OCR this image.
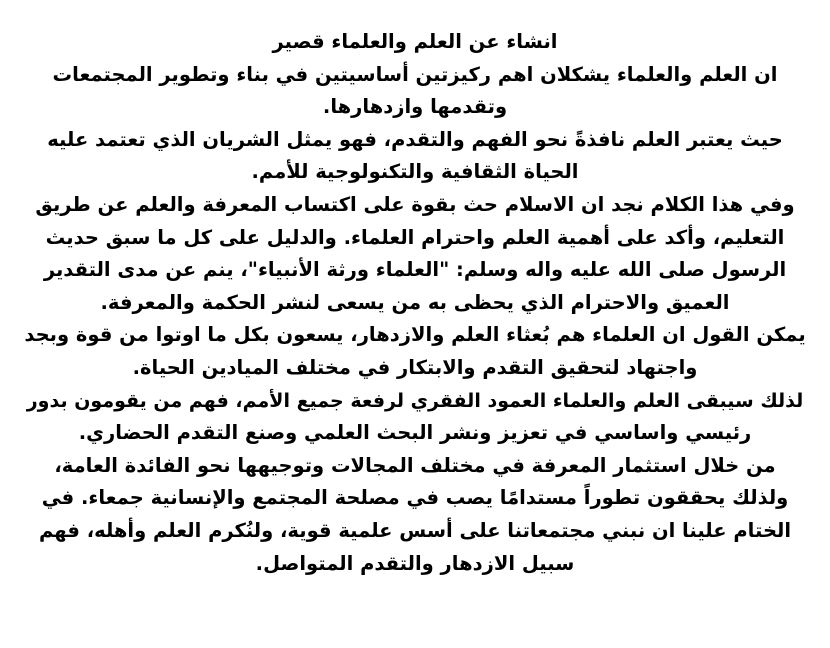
انشاء عن العلم والعلماء قصير
ان العلم والعلماء يشكلان اهم ركيزتين أساسيتين في بناء وتطوير المجتمعات
وتقدمها وازدهارها.
حيث يعتبر العلم نافذةً نحو الفهم والتقدم، فهو يمثل الشريان الذي تعتمد عليه
الحياة الثقافية والتكنولوجية للأمم.
وفي هذا الكلام نجد ان الاسلام حث بقوة على اكتساب المعرفة والعلم عن طريق
التعليم، وأكد على أهمية العلم واحترام العلماء. والدليل على كل ما سبق حديث
الرسول صلى الله عليه واله وسلم: "العلماء ورثة الأنبياء"، ينم عن مدى التقدير
العميق والاحترام الذي يحظى به من يسعى لنشر الحكمة والمعرفة.
يمكن القول ان العلماء هم بُعثاء العلم والازدهار، يسعون بكل ما اوتوا من قوة وبجد
واجتهاد لتحقيق التقدم والابتكار في مختلف الميادين الحياة.
لذلك سيبقى العلم والعلماء العمود الفقري لرفعة جميع الأمم، فهم من يقومون بدور
رئيسي واساسي في تعزيز ونشر البحث العلمي وصنع التقدم الحضاري.
من خلال استثمار المعرفة في مختلف المجالات وتوجيهها نحو الفائدة العامة،
ولذلك يحققون تطوراً مستدامًا يصب في مصلحة المجتمع والإنسانية جمعاء. في
الختام علينا ان نبني مجتمعاتنا على أسس علمية قوية، ولنُكرم العلم وأهله، فهم
سبيل الازدهار والتقدم المتواصل.
